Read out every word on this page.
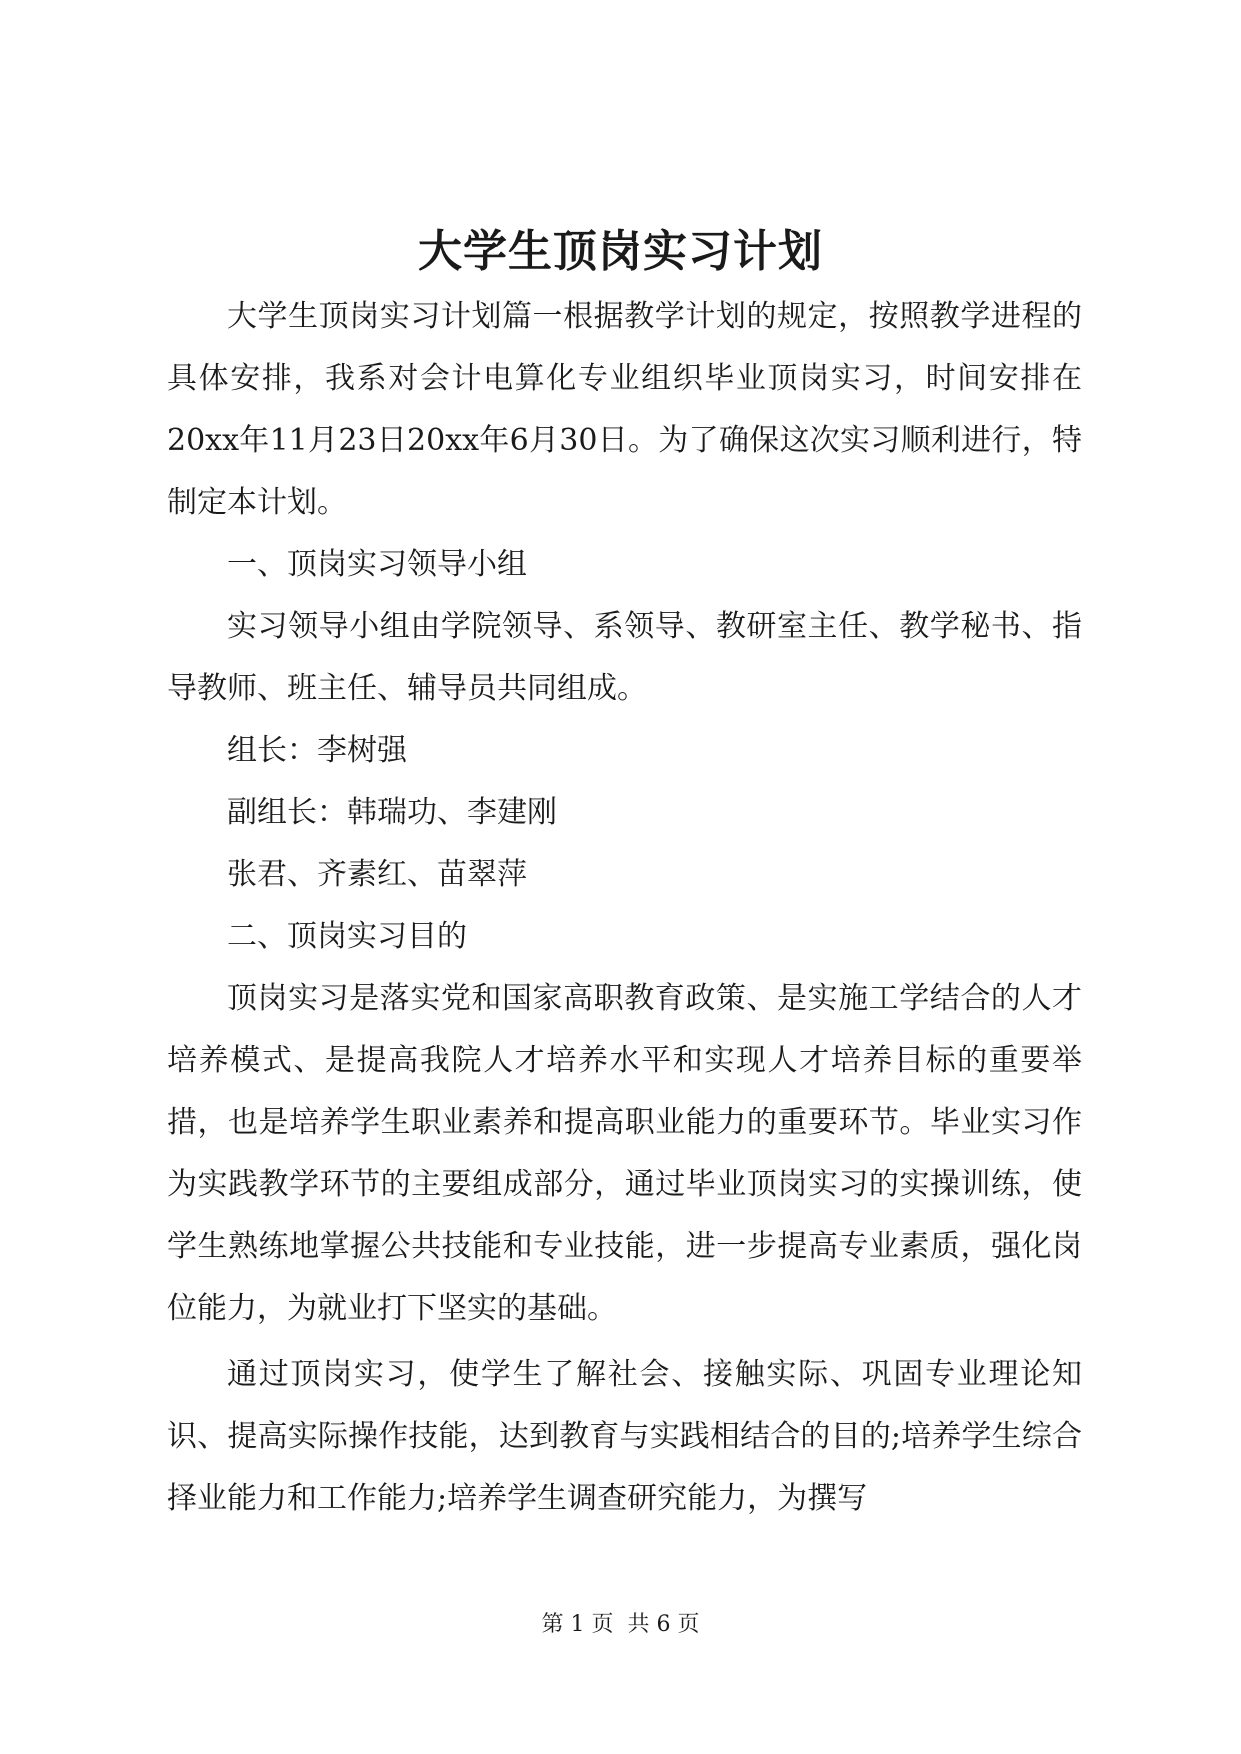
大学生顶岗实习计划

大学生顶岗实习计划篇一根据教学计划的规定，按照教学进程的具体安排，我系对会计电算化专业组织毕业顶岗实习，时间安排在20xx年11月23日20xx年6月30日。为了确保这次实习顺利进行，特制定本计划。

一、顶岗实习领导小组

实习领导小组由学院领导、系领导、教研室主任、教学秘书、指导教师、班主任、辅导员共同组成。

组长：李树强

副组长：韩瑞功、李建刚

张君、齐素红、苗翠萍

二、顶岗实习目的

顶岗实习是落实党和国家高职教育政策、是实施工学结合的人才培养模式、是提高我院人才培养水平和实现人才培养目标的重要举措，也是培养学生职业素养和提高职业能力的重要环节。毕业实习作为实践教学环节的主要组成部分，通过毕业顶岗实习的实操训练，使学生熟练地掌握公共技能和专业技能，进一步提高专业素质，强化岗位能力，为就业打下坚实的基础。

通过顶岗实习，使学生了解社会、接触实际、巩固专业理论知识、提高实际操作技能，达到教育与实践相结合的目的;培养学生综合择业能力和工作能力;培养学生调查研究能力，为撰写

第 1 页 共 6 页
